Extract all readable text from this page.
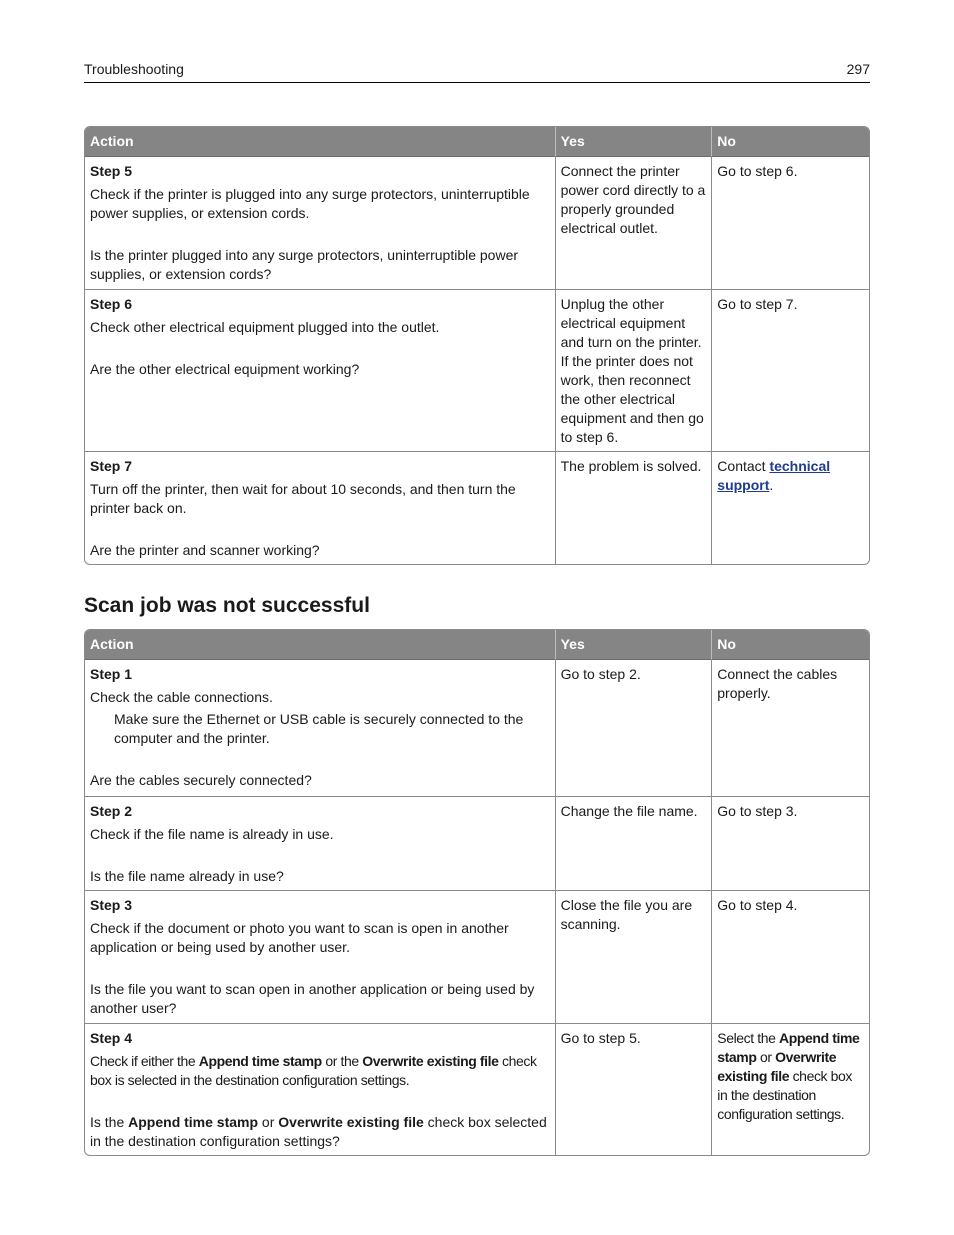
Troubleshooting	297
Action	Yes	No

Step 5

Check if the printer is plugged into any surge protectors, uninterruptible power supplies, or extension cords.

Is the printer plugged into any surge protectors, uninterruptible power supplies, or extension cords?	Connect the printer power cord directly to a properly grounded electrical outlet.	Go to step 6.

Step 6

Check other electrical equipment plugged into the outlet.

Are the other electrical equipment working?	Unplug the other electrical equipment and turn on the printer. If the printer does not work, then reconnect the other electrical equipment and then go to step 6.	Go to step 7.

Step 7

Turn off the printer, then wait for about 10 seconds, and then turn the printer back on.

Are the printer and scanner working?	The problem is solved.	Contact technical support.
Scan job was not successful
Action	Yes	No

Step 1

Check the cable connections.

Make sure the Ethernet or USB cable is securely connected to the computer and the printer.

Are the cables securely connected?	Go to step 2.	Connect the cables properly.

Step 2

Check if the file name is already in use.

Is the file name already in use?	Change the file name.	Go to step 3.

Step 3

Check if the document or photo you want to scan is open in another application or being used by another user.

Is the file you want to scan open in another application or being used by another user?	Close the file you are scanning.	Go to step 4.

Step 4

Check if either the Append time stamp or the Overwrite existing file check box is selected in the destination configuration settings.

Is the Append time stamp or Overwrite existing file check box selected in the destination configuration settings?	Go to step 5.	Select the Append time stamp or Overwrite existing file check box in the destination configuration settings.
